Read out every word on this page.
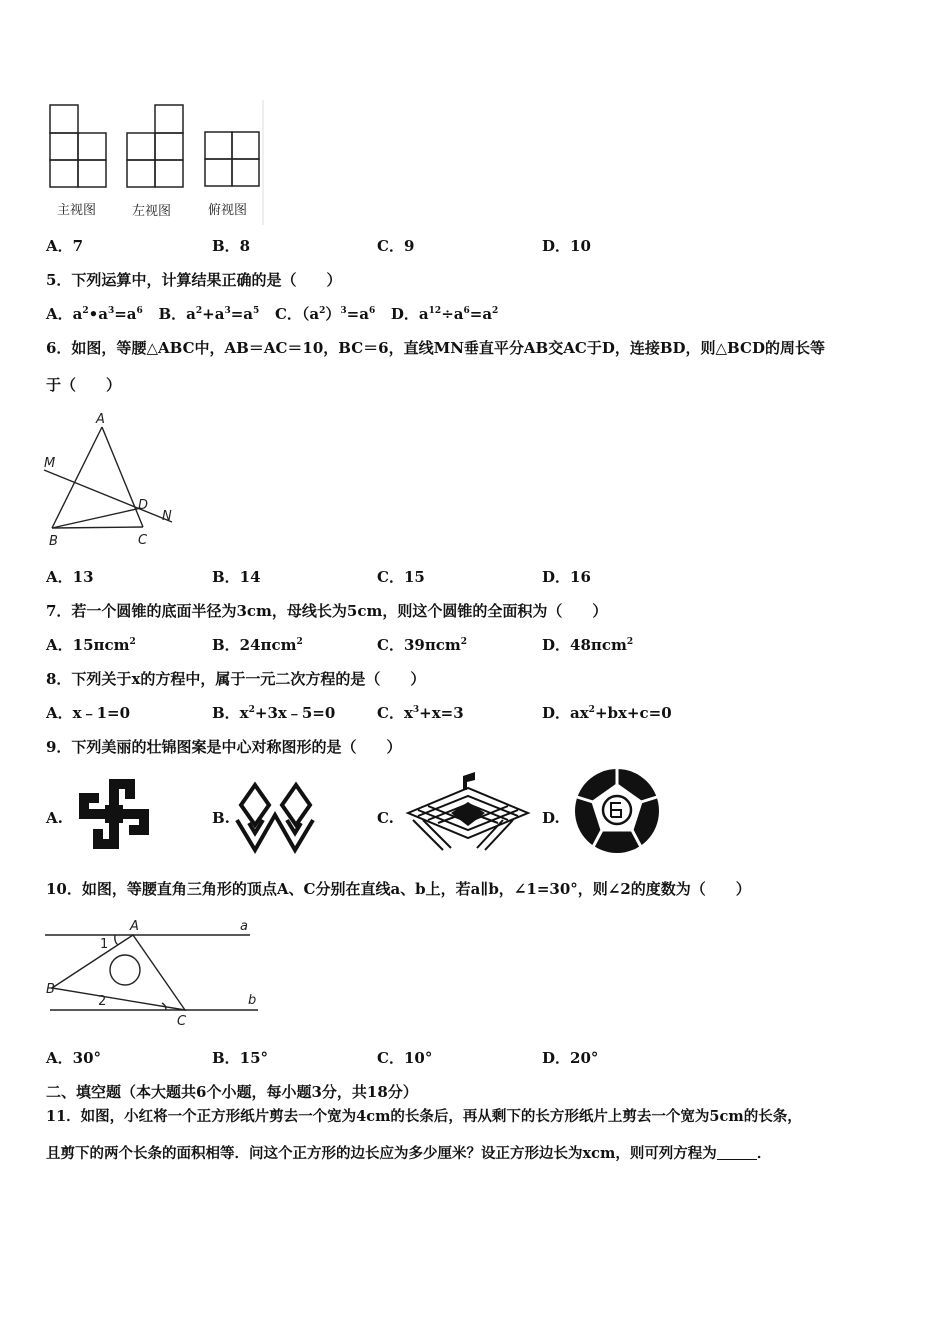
主视图	左视图	俯视图
A．7	B．8	C．9	D．10
5．下列运算中，计算结果正确的是（　　）
A．$a^2•a^3=a^6$ B．$a^2+a^3=a^5$ C．$(a^2)^3=a^6$ D．$a^{12}\div a^6=a^2$
6．如图，等腰△ABC中，AB＝AC＝10，BC＝6，直线MN垂直平分AB交AC于D，连接BD，则△BCD的周长等
于（　　）
A
M
D
N
B	C
A．13	B．14	C．15	D．16
7．若一个圆锥的底面半径为3cm，母线长为5cm，则这个圆锥的全面积为（　　）
A．15πcm$^2$	B．24πcm$^2$	C．39πcm$^2$	D．48πcm$^2$
8．下列关于x的方程中，属于一元二次方程的是（　　）
A．x﹣1=0	B．$x^2+3x﹣5=0$	C．$x^3+x=3$	D．$ax^2+bx+c=0$
9．下列美丽的壮锦图案是中心对称图形的是（　　）
A.	B.	C.	D.
10．如图，等腰直角三角形的顶点A、C分别在直线a、b上，若a∥b，∠1=30°，则∠2的度数为（　　）
A	a
1
B
2	b
C
A．30°	B．15°	C．10°	D．20°
二、填空题（本大题共6个小题，每小题3分，共18分）
11．如图，小红将一个正方形纸片剪去一个宽为4cm的长条后，再从剩下的长方形纸片上剪去一个宽为5cm的长条，
且剪下的两个长条的面积相等．问这个正方形的边长应为多少厘米？设正方形边长为xcm，则可列方程为	．
